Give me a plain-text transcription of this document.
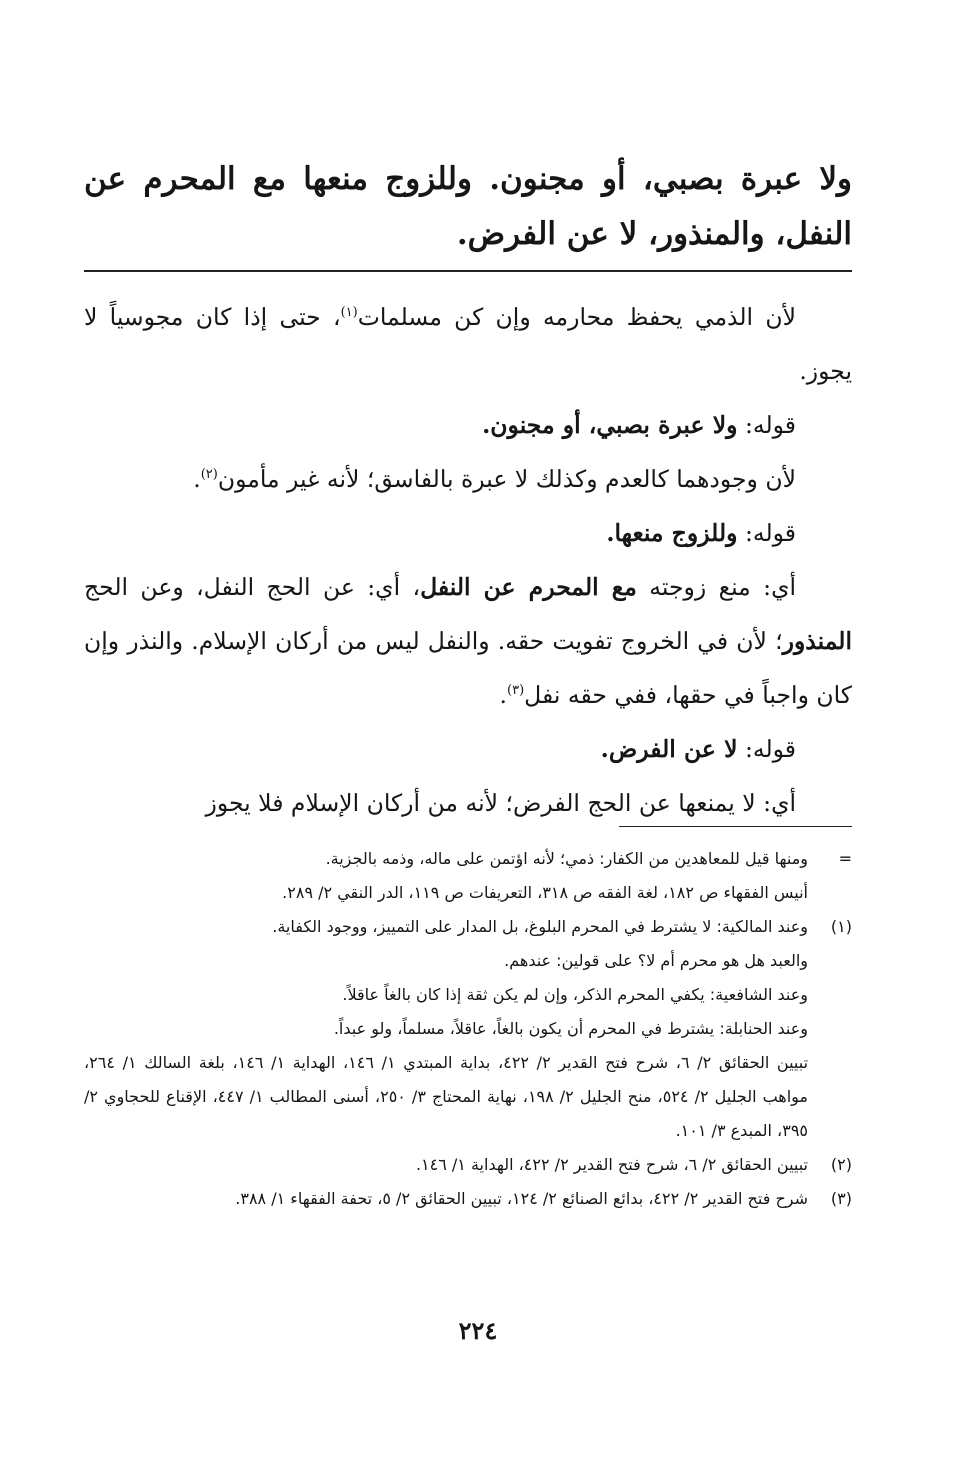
ولا عبرة بصبي، أو مجنون. وللزوج منعها مع المحرم عن النفل، والمنذور، لا عن الفرض.

لأن الذمي يحفظ محارمه وإن كن مسلمات$^{(١)}$، حتى إذا كان مجوسياً لا يجوز.

قوله: ولا عبرة بصبي، أو مجنون.

لأن وجودهما كالعدم وكذلك لا عبرة بالفاسق؛ لأنه غير مأمون$^{(٢)}$.

قوله: وللزوج منعها.

أي: منع زوجته مع المحرم عن النفل، أي: عن الحج النفل، وعن الحج المنذور؛ لأن في الخروج تفويت حقه. والنفل ليس من أركان الإسلام. والنذر وإن كان واجباً في حقها، ففي حقه نفل$^{(٣)}$.

قوله: لا عن الفرض.

أي: لا يمنعها عن الحج الفرض؛ لأنه من أركان الإسلام فلا يجوز

=
ومنها قيل للمعاهدين من الكفار: ذمي؛ لأنه اؤتمن على ماله، وذمه بالجزية.
أنيس الفقهاء ص ١٨٢، لغة الفقه ص ٣١٨، التعريفات ص ١١٩، الدر النقي ٢/ ٢٨٩.
(١)
وعند المالكية: لا يشترط في المحرم البلوغ، بل المدار على التمييز، ووجود الكفاية.
والعبد هل هو محرم أم لا؟ على قولين: عندهم.
وعند الشافعية: يكفي المحرم الذكر، وإن لم يكن ثقة إذا كان بالغاً عاقلاً.
وعند الحنابلة: يشترط في المحرم أن يكون بالغاً، عاقلاً، مسلماً، ولو عبداً.
تبيين الحقائق ٢/ ٦، شرح فتح القدير ٢/ ٤٢٢، بداية المبتدي ١/ ١٤٦، الهداية ١/ ١٤٦، بلغة السالك ١/ ٢٦٤، مواهب الجليل ٢/ ٥٢٤، منح الجليل ٢/ ١٩٨، نهاية المحتاج ٣/ ٢٥٠، أسنى المطالب ١/ ٤٤٧، الإقناع للحجاوي ٢/ ٣٩٥، المبدع ٣/ ١٠١.
(٢)
تبيين الحقائق ٢/ ٦، شرح فتح القدير ٢/ ٤٢٢، الهداية ١/ ١٤٦.
(٣)
شرح فتح القدير ٢/ ٤٢٢، بدائع الصنائع ٢/ ١٢٤، تبيين الحقائق ٢/ ٥، تحفة الفقهاء ١/ ٣٨٨.
٢٢٤
